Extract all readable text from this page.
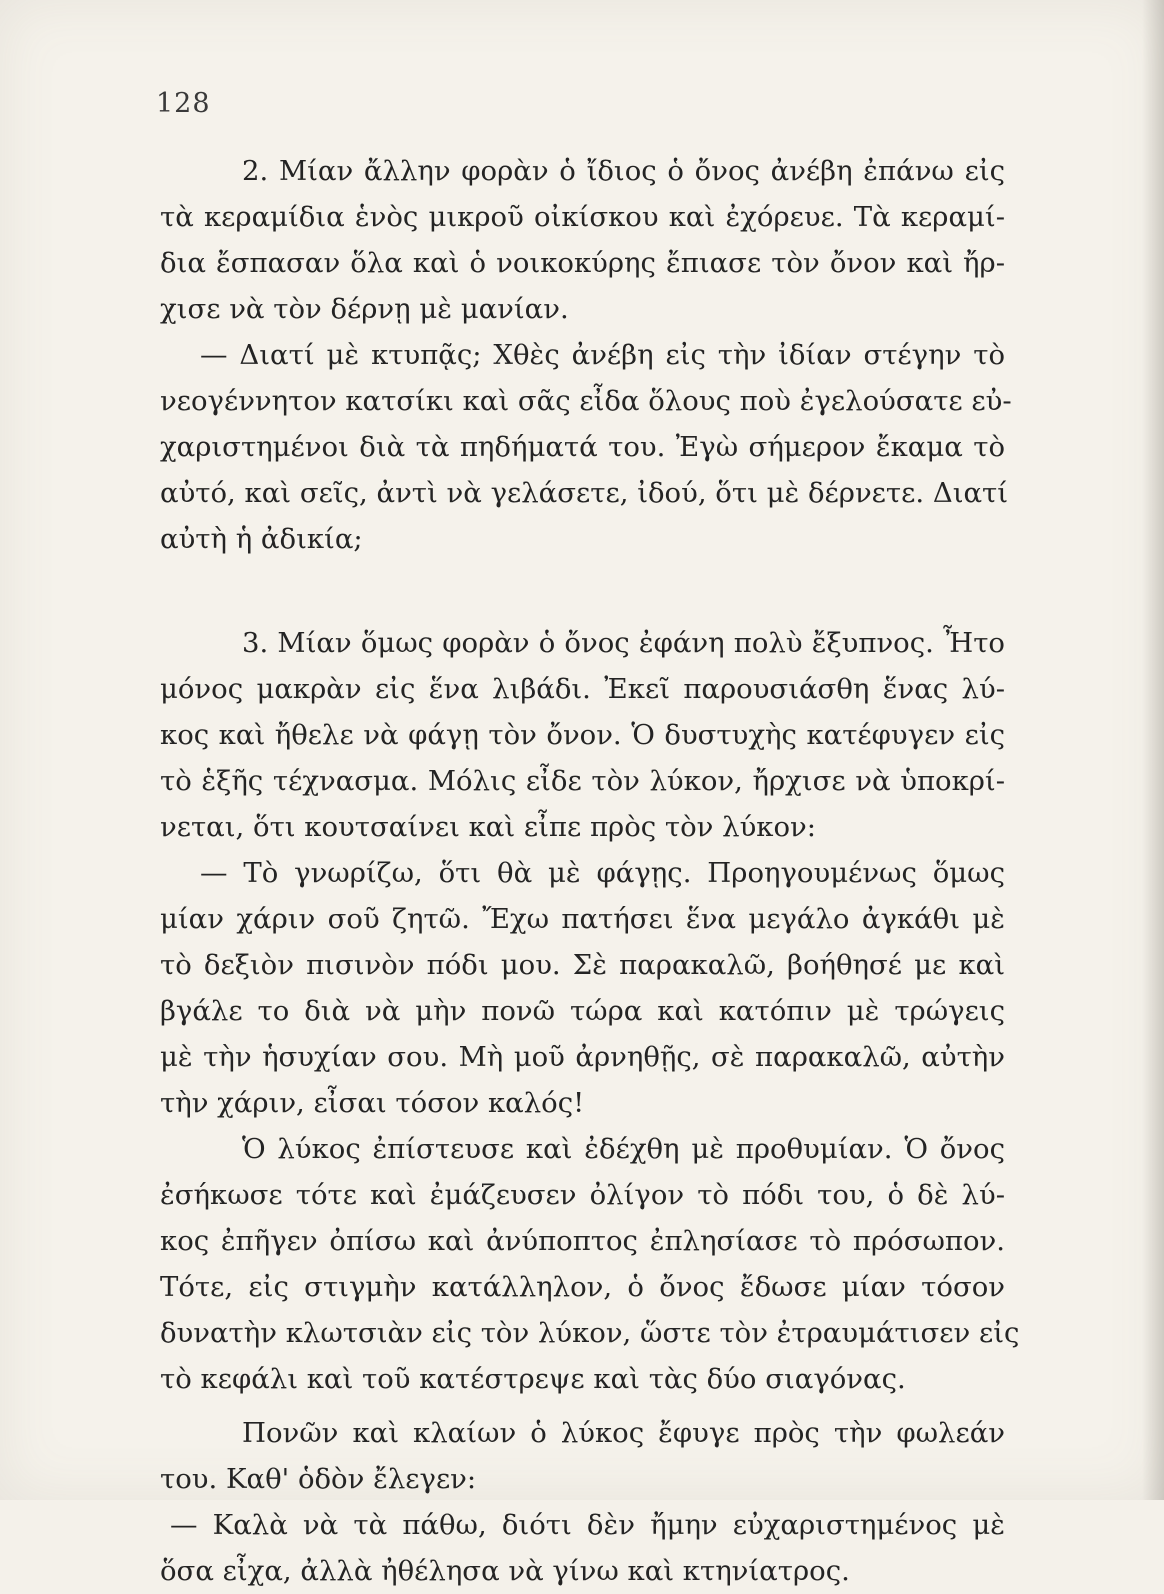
128
2. Μίαν ἄλλην φορὰν ὁ ἴδιος ὁ ὄνος ἀνέβη ἐπάνω εἰς
τὰ κεραμίδια ἑνὸς μικροῦ οἰκίσκου καὶ ἐχόρευε. Τὰ κεραμί-
δια ἔσπασαν ὅλα καὶ ὁ νοικοκύρης ἔπιασε τὸν ὄνον καὶ ἤρ-
χισε νὰ τὸν δέρνῃ μὲ μανίαν.
— Διατί μὲ κτυπᾷς; Χθὲς ἀνέβη εἰς τὴν ἰδίαν στέγην τὸ
νεογέννητον κατσίκι καὶ σᾶς εἶδα ὅλους ποὺ ἐγελούσατε εὐ-
χαριστημένοι διὰ τὰ πηδήματά του. Ἐγὼ σήμερον ἔκαμα τὸ
αὐτό, καὶ σεῖς, ἀντὶ νὰ γελάσετε, ἰδού, ὅτι μὲ δέρνετε. Διατί
αὐτὴ ἡ ἀδικία;
3. Μίαν ὅμως φορὰν ὁ ὄνος ἐφάνη πολὺ ἔξυπνος. Ἦτο
μόνος μακρὰν εἰς ἕνα λιβάδι. Ἐκεῖ παρουσιάσθη ἕνας λύ-
κος καὶ ἤθελε νὰ φάγῃ τὸν ὄνον. Ὁ δυστυχὴς κατέφυγεν εἰς
τὸ ἑξῆς τέχνασμα. Μόλις εἶδε τὸν λύκον, ἤρχισε νὰ ὑποκρί-
νεται, ὅτι κουτσαίνει καὶ εἶπε πρὸς τὸν λύκον:
— Τὸ γνωρίζω, ὅτι θὰ μὲ φάγῃς. Προηγουμένως ὅμως
μίαν χάριν σοῦ ζητῶ. Ἔχω πατήσει ἕνα μεγάλο ἀγκάθι μὲ
τὸ δεξιὸν πισινὸν πόδι μου. Σὲ παρακαλῶ, βοήθησέ με καὶ
βγάλε το διὰ νὰ μὴν πονῶ τώρα καὶ κατόπιν μὲ τρώγεις
μὲ τὴν ἡσυχίαν σου. Μὴ μοῦ ἀρνηθῇς, σὲ παρακαλῶ, αὐτὴν
τὴν χάριν, εἶσαι τόσον καλός!
Ὁ λύκος ἐπίστευσε καὶ ἐδέχθη μὲ προθυμίαν. Ὁ ὄνος
ἐσήκωσε τότε καὶ ἐμάζευσεν ὀλίγον τὸ πόδι του, ὁ δὲ λύ-
κος ἐπῆγεν ὀπίσω καὶ ἀνύποπτος ἐπλησίασε τὸ πρόσωπον.
Τότε, εἰς στιγμὴν κατάλληλον, ὁ ὄνος ἔδωσε μίαν τόσον
δυνατὴν κλωτσιὰν εἰς τὸν λύκον, ὥστε τὸν ἐτραυμάτισεν εἰς
τὸ κεφάλι καὶ τοῦ κατέστρεψε καὶ τὰς δύο σιαγόνας.
Πονῶν καὶ κλαίων ὁ λύκος ἔφυγε πρὸς τὴν φωλεάν
του. Καθ' ὁδὸν ἔλεγεν:
— Καλὰ νὰ τὰ πάθω, διότι δὲν ἤμην εὐχαριστημένος μὲ
ὅσα εἶχα, ἀλλὰ ἠθέλησα νὰ γίνω καὶ κτηνίατρος.
